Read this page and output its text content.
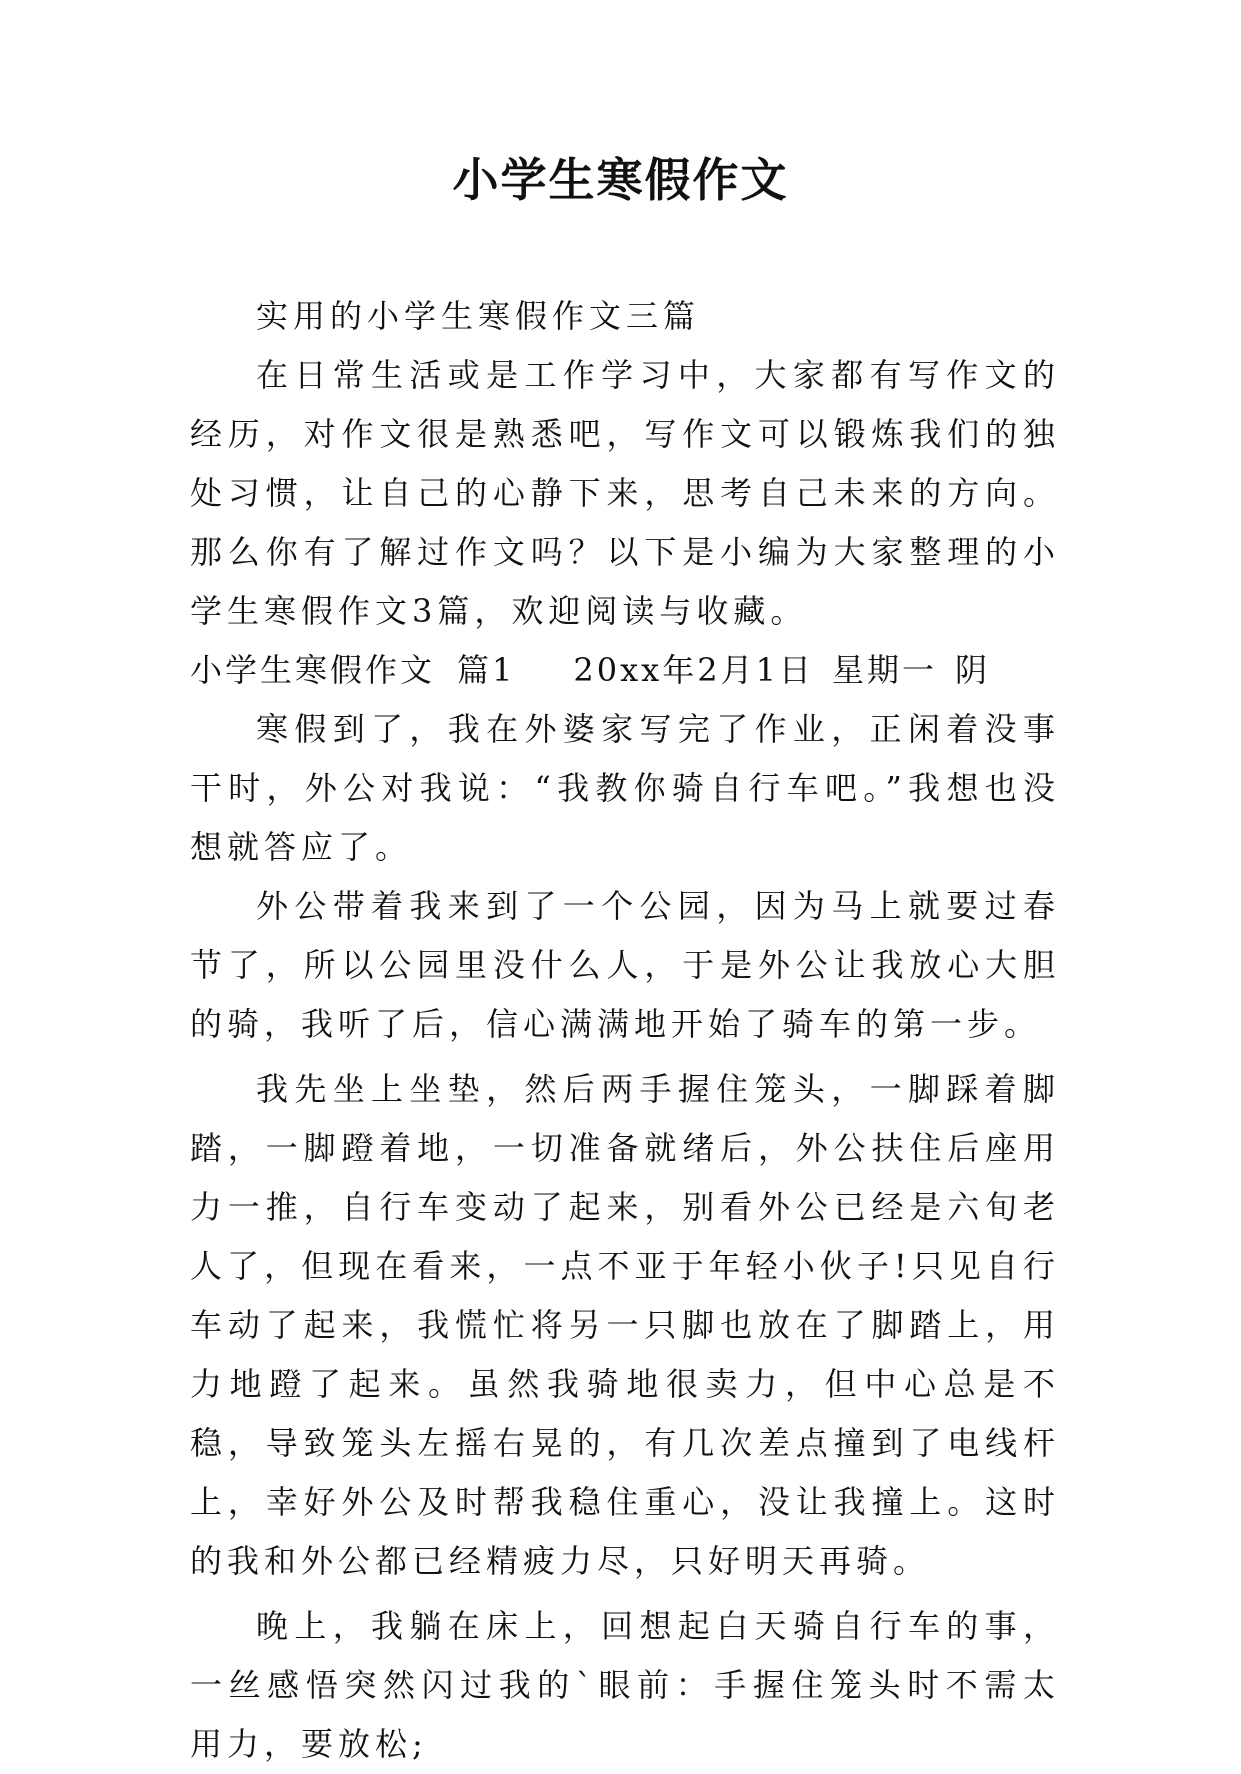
小学生寒假作文

实用的小学生寒假作文三篇

在日常生活或是工作学习中，大家都有写作文的经历，对作文很是熟悉吧，写作文可以锻炼我们的独处习惯，让自己的心静下来，思考自己未来的方向。那么你有了解过作文吗？以下是小编为大家整理的小学生寒假作文3篇，欢迎阅读与收藏。

小学生寒假作文 篇1 20xx年2月1日 星期一 阴

寒假到了，我在外婆家写完了作业，正闲着没事干时，外公对我说：“我教你骑自行车吧。”我想也没想就答应了。

外公带着我来到了一个公园，因为马上就要过春节了，所以公园里没什么人，于是外公让我放心大胆的骑，我听了后，信心满满地开始了骑车的第一步。

我先坐上坐垫，然后两手握住笼头，一脚踩着脚踏，一脚蹬着地，一切准备就绪后，外公扶住后座用力一推，自行车变动了起来，别看外公已经是六旬老人了，但现在看来，一点不亚于年轻小伙子!只见自行车动了起来，我慌忙将另一只脚也放在了脚踏上，用力地蹬了起来。虽然我骑地很卖力，但中心总是不稳，导致笼头左摇右晃的，有几次差点撞到了电线杆上，幸好外公及时帮我稳住重心，没让我撞上。这时的我和外公都已经精疲力尽，只好明天再骑。

晚上，我躺在床上，回想起白天骑自行车的事，一丝感悟突然闪过我的`眼前：手握住笼头时不需太用力，要放松;
